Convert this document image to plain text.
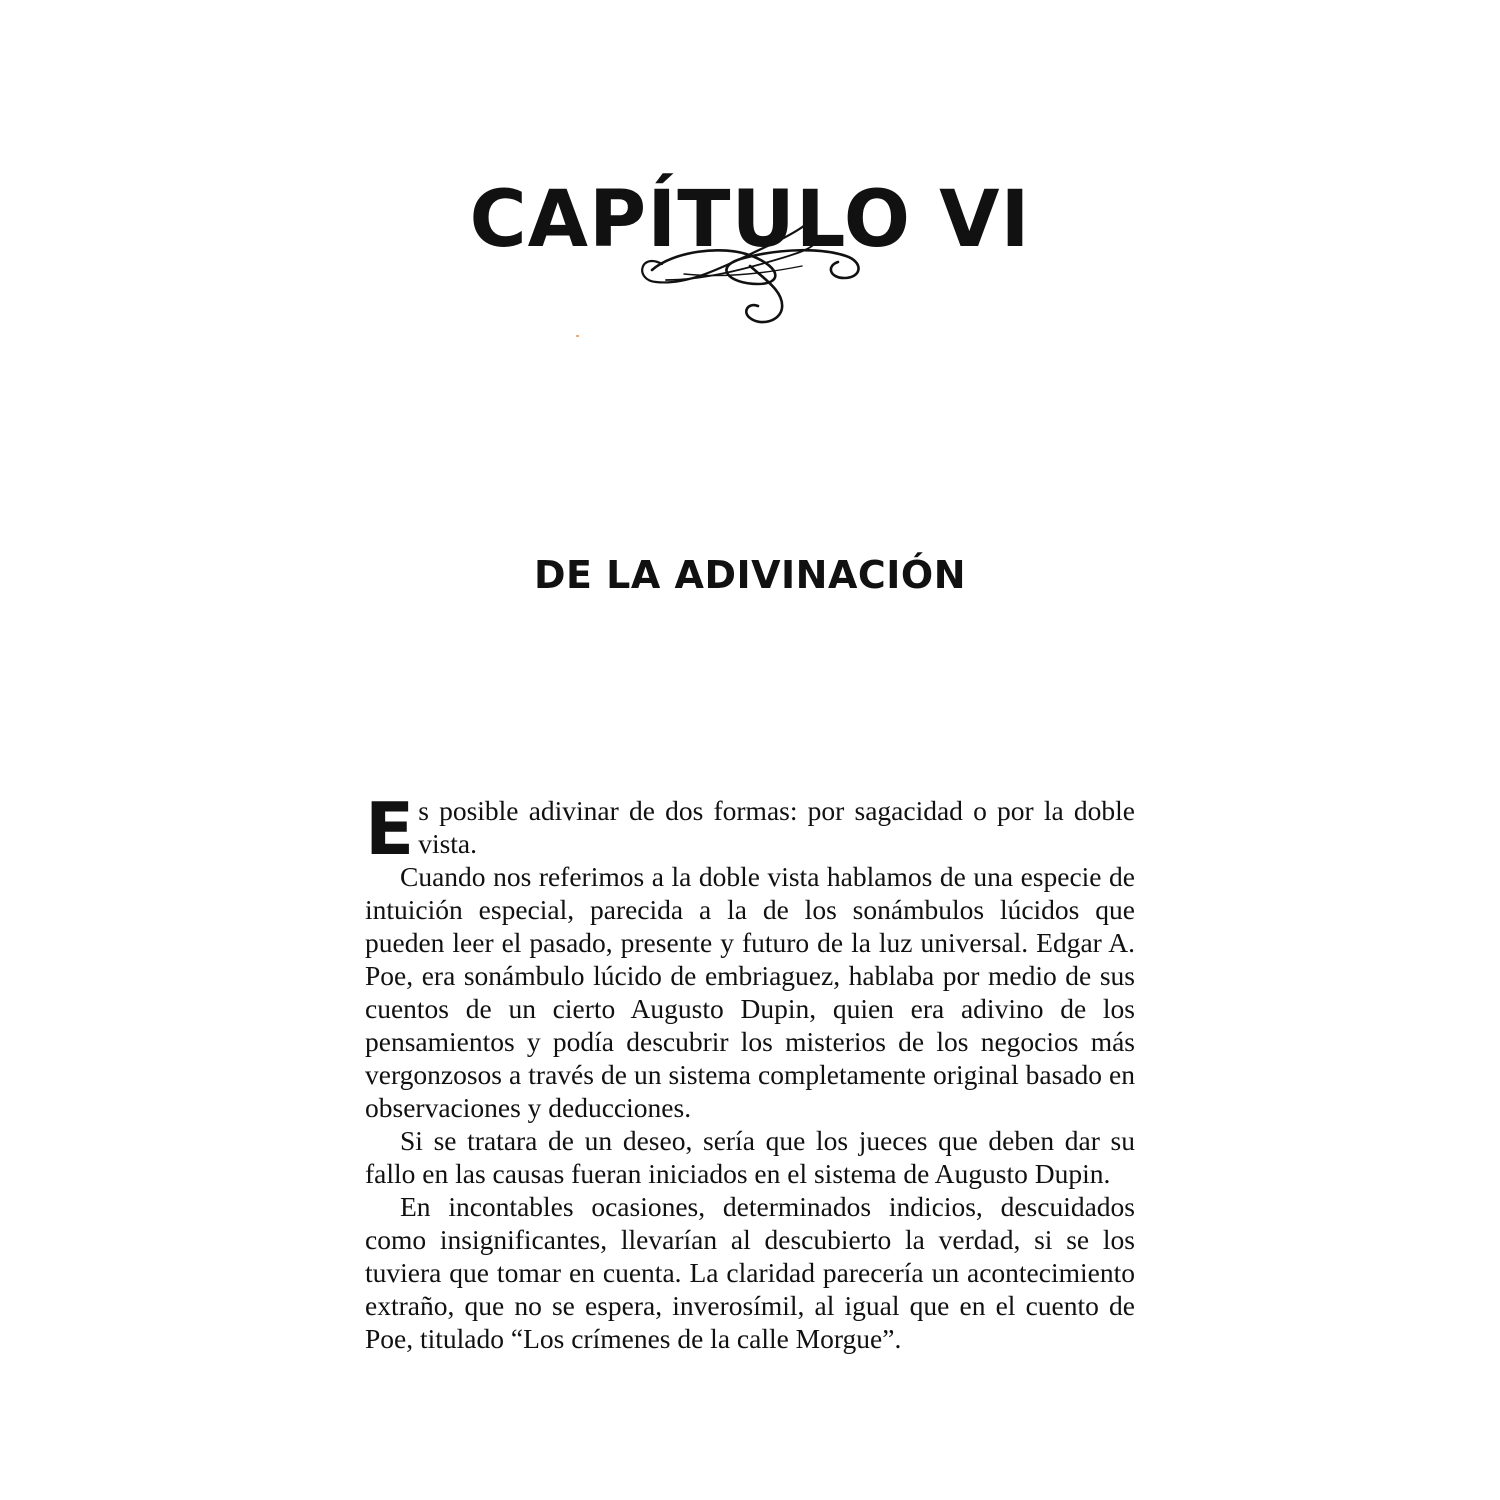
CAPÍTULO VI
DE LA ADIVINACIÓN

Es posible adivinar de dos formas: por sagacidad o por la doble vista.

Cuando nos referimos a la doble vista hablamos de una especie de intuición especial, parecida a la de los sonámbulos lúcidos que pueden leer el pasado, presente y futuro de la luz universal. Edgar A. Poe, era sonámbulo lúcido de embriaguez, hablaba por medio de sus cuentos de un cierto Augusto Dupin, quien era adivino de los pensamientos y podía descubrir los misterios de los negocios más vergonzosos a través de un sistema completamente original basado en observaciones y deducciones.

Si se tratara de un deseo, sería que los jueces que deben dar su fallo en las causas fueran iniciados en el sistema de Augusto Dupin.

En incontables ocasiones, determinados indicios, descuidados como insignificantes, llevarían al descubierto la verdad, si se los tuviera que tomar en cuenta. La claridad parecería un acontecimiento extraño, que no se espera, inverosímil, al igual que en el cuento de Poe, titulado “Los crímenes de la calle Morgue”.
